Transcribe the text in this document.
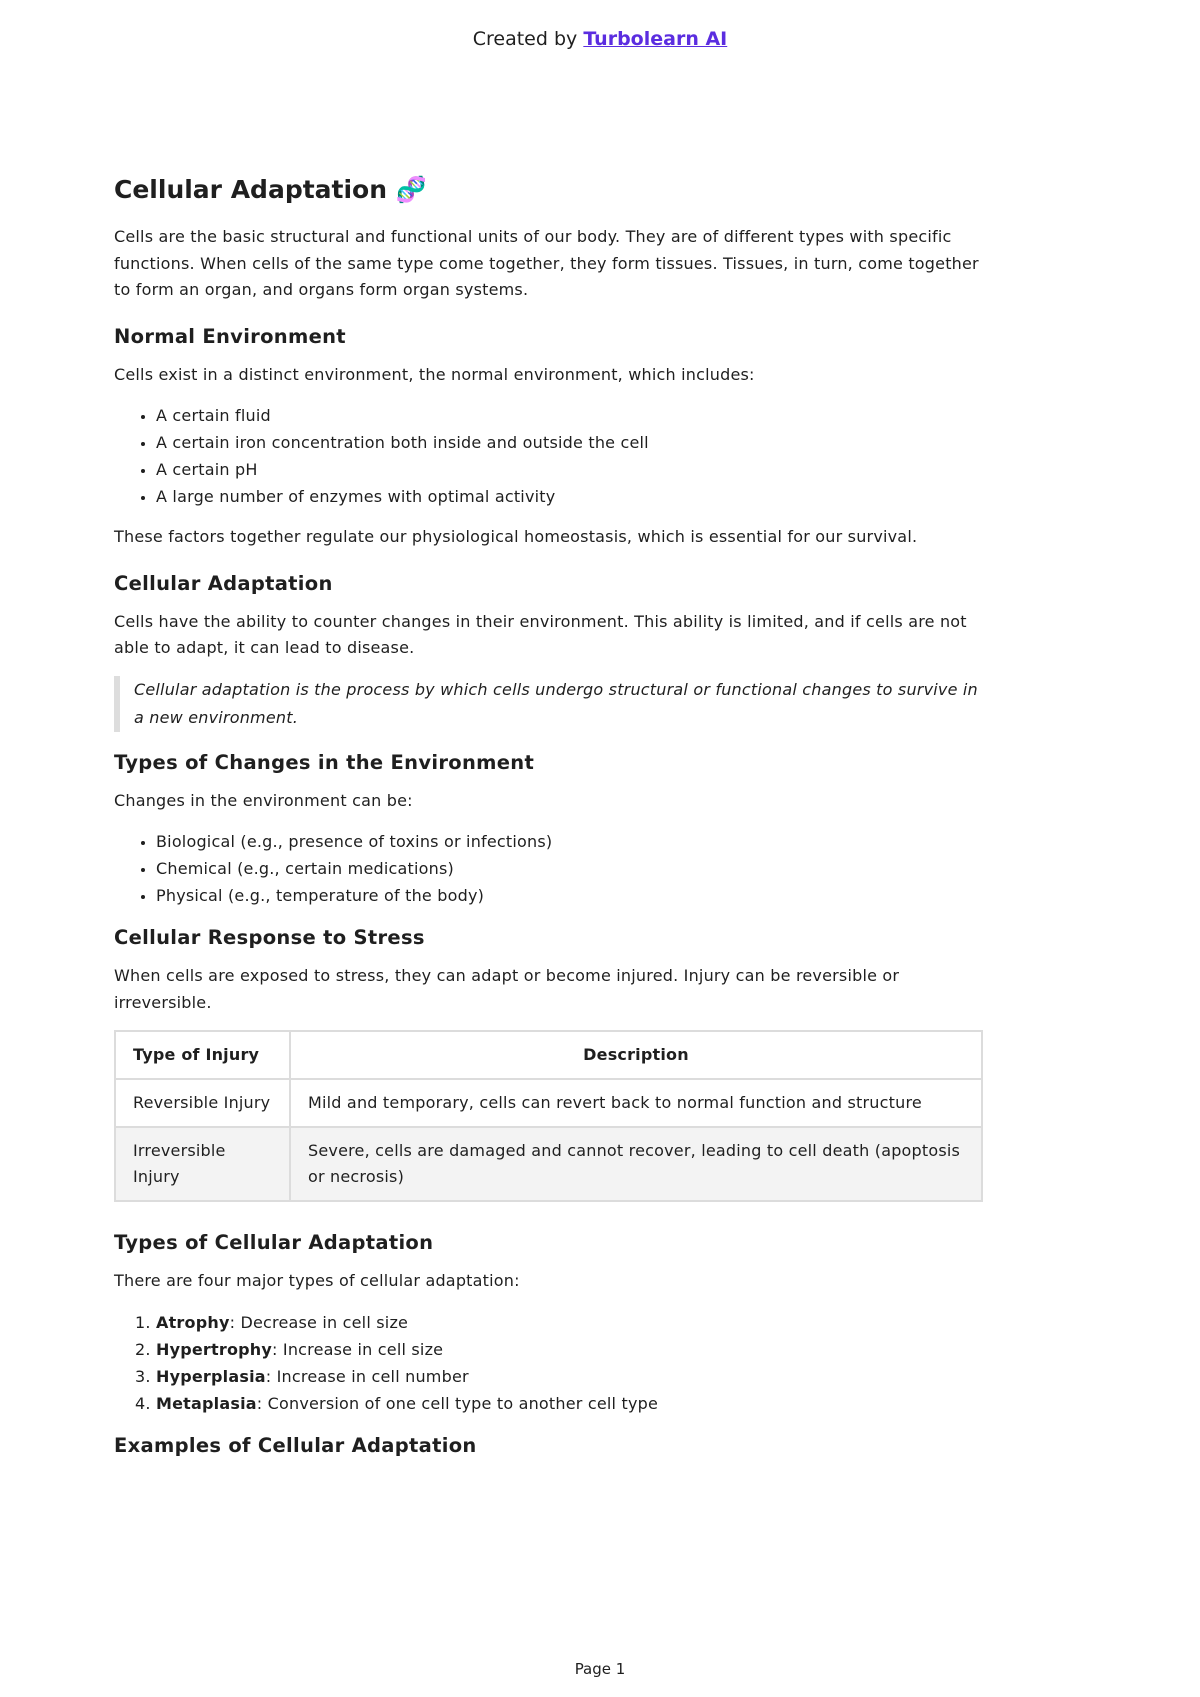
Created by Turbolearn AI
Cellular Adaptation 🧬

Cells are the basic structural and functional units of our body. They are of different types with specific functions. When cells of the same type come together, they form tissues. Tissues, in turn, come together to form an organ, and organs form organ systems.

Normal Environment

Cells exist in a distinct environment, the normal environment, which includes:

• A certain fluid
• A certain iron concentration both inside and outside the cell
• A certain pH
• A large number of enzymes with optimal activity

These factors together regulate our physiological homeostasis, which is essential for our survival.

Cellular Adaptation

Cells have the ability to counter changes in their environment. This ability is limited, and if cells are not able to adapt, it can lead to disease.

Cellular adaptation is the process by which cells undergo structural or functional changes to survive in a new environment.
Types of Changes in the Environment

Changes in the environment can be:

• Biological (e.g., presence of toxins or infections)
• Chemical (e.g., certain medications)
• Physical (e.g., temperature of the body)
Cellular Response to Stress

When cells are exposed to stress, they can adapt or become injured. Injury can be reversible or irreversible.

Type of Injury	Description
Reversible Injury	Mild and temporary, cells can revert back to normal function and structure
Irreversible Injury	Severe, cells are damaged and cannot recover, leading to cell death (apoptosis or necrosis)
Types of Cellular Adaptation

There are four major types of cellular adaptation:

1. Atrophy: Decrease in cell size
2. Hypertrophy: Increase in cell size
3. Hyperplasia: Increase in cell number
4. Metaplasia: Conversion of one cell type to another cell type
Examples of Cellular Adaptation
Page 1
